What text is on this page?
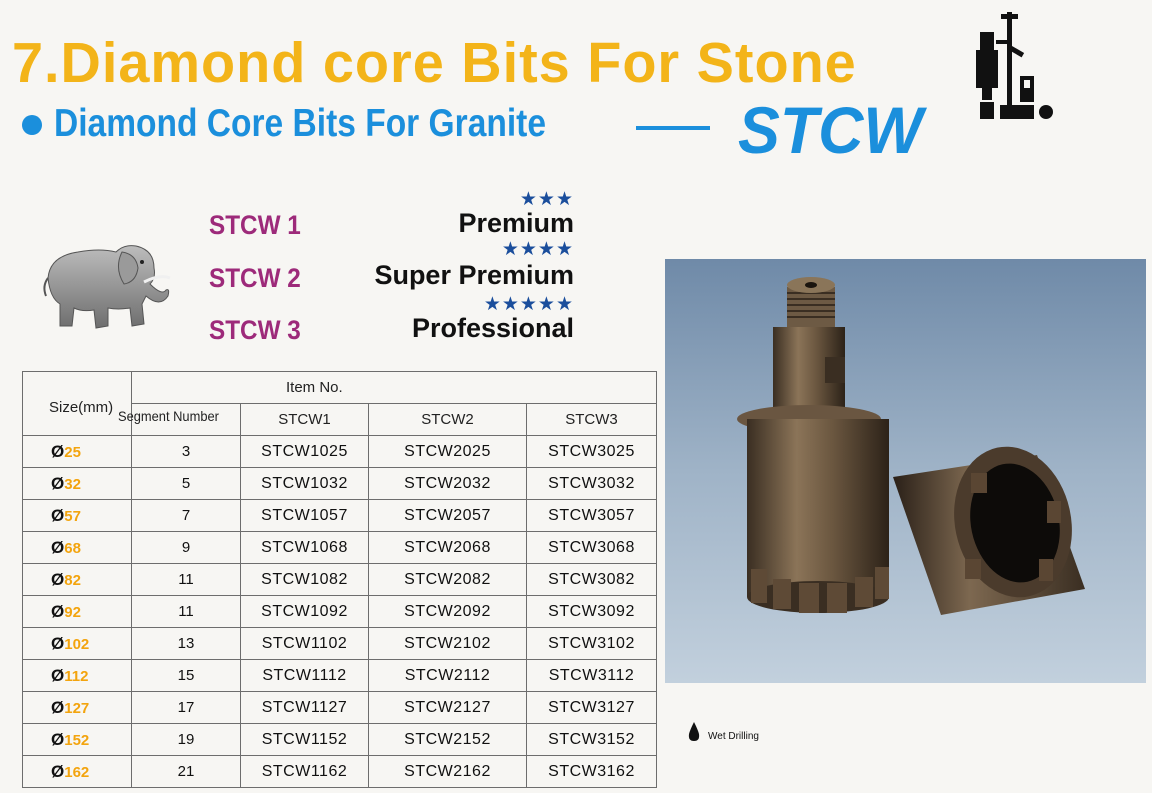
7.Diamond core Bits For Stone
Diamond Core Bits For Granite	STCW
★★★
STCW 1	Premium
★★★★
STCW 2	Super Premium
★★★★★
STCW 3	Professional
Size(mm)	Item No.			

	Segment Number	STCW1	STCW2	STCW3
Ø25	3	STCW1025	STCW2025	STCW3025
Ø32	5	STCW1032	STCW2032	STCW3032
Ø57	7	STCW1057	STCW2057	STCW3057
Ø68	9	STCW1068	STCW2068	STCW3068
Ø82	11	STCW1082	STCW2082	STCW3082
Ø92	11	STCW1092	STCW2092	STCW3092
Ø102	13	STCW1102	STCW2102	STCW3102
Ø112	15	STCW1112	STCW2112	STCW3112
Ø127	17	STCW1127	STCW2127	STCW3127
Ø152	19	STCW1152	STCW2152	STCW3152
Ø162	21	STCW1162	STCW2162	STCW3162
Wet Drilling
